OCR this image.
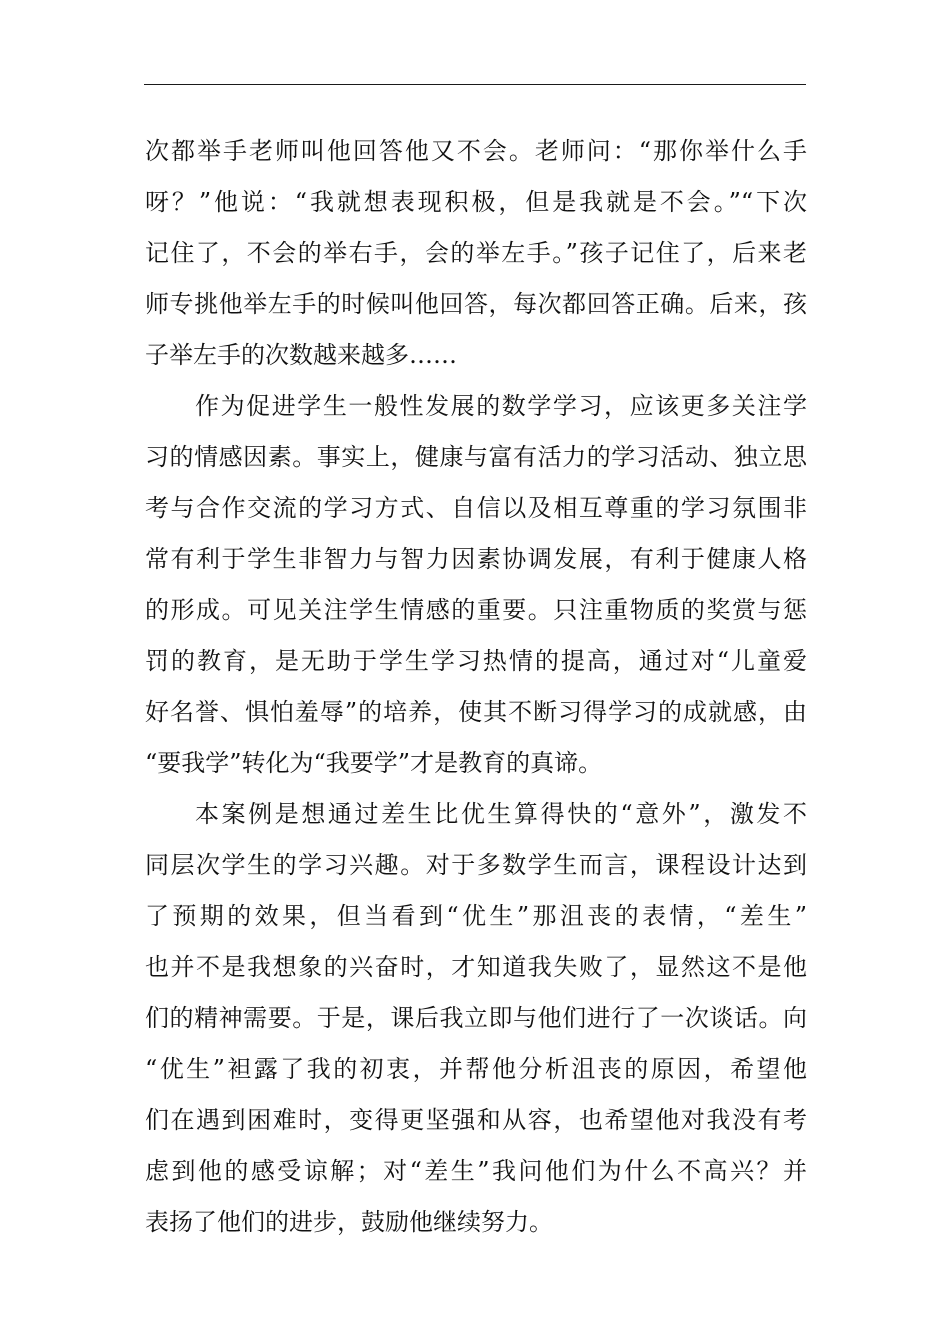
次都举手老师叫他回答他又不会。老师问：“那你举什么手
呀？”他说：“我就想表现积极，但是我就是不会。”“下次
记住了，不会的举右手，会的举左手。”孩子记住了，后来老
师专挑他举左手的时候叫他回答，每次都回答正确。后来，孩
子举左手的次数越来越多……
作为促进学生一般性发展的数学学习，应该更多关注学
习的情感因素。事实上，健康与富有活力的学习活动、独立思
考与合作交流的学习方式、自信以及相互尊重的学习氛围非
常有利于学生非智力与智力因素协调发展，有利于健康人格
的形成。可见关注学生情感的重要。只注重物质的奖赏与惩
罚的教育，是无助于学生学习热情的提高，通过对“儿童爱
好名誉、惧怕羞辱”的培养，使其不断习得学习的成就感，由
“要我学”转化为“我要学”才是教育的真谛。
本案例是想通过差生比优生算得快的“意外”，激发不
同层次学生的学习兴趣。对于多数学生而言，课程设计达到
了预期的效果，但当看到“优生”那沮丧的表情，“差生”
也并不是我想象的兴奋时，才知道我失败了，显然这不是他
们的精神需要。于是，课后我立即与他们进行了一次谈话。向
“优生”袒露了我的初衷，并帮他分析沮丧的原因，希望他
们在遇到困难时，变得更坚强和从容，也希望他对我没有考
虑到他的感受谅解；对“差生”我问他们为什么不高兴？并
表扬了他们的进步，鼓励他继续努力。
